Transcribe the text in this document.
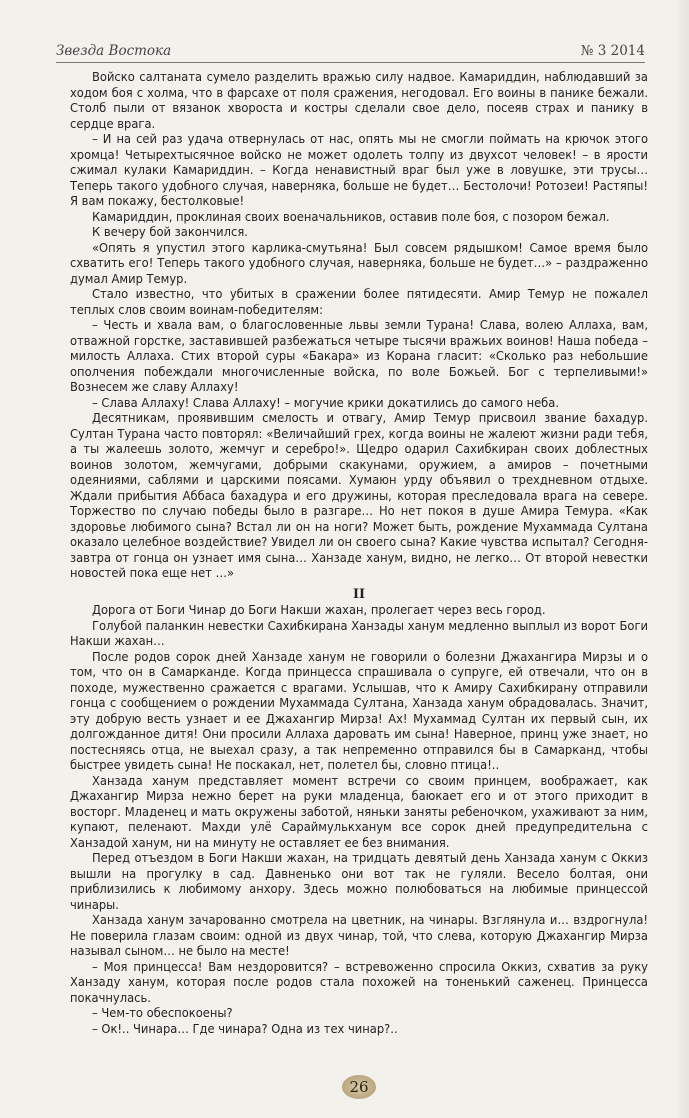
Звезда Востока	№ 3 2014

Войско салтаната сумело разделить вражью силу надвое. Камариддин, наблюдавший за ходом боя с холма, что в фарсахе от поля сражения, негодовал. Его воины в панике бежали. Столб пыли от вязанок хвороста и костры сделали свое дело, посеяв страх и панику в сердце врага.

– И на сей раз удача отвернулась от нас, опять мы не смогли поймать на крючок этого хромца! Четырехтысячное войско не может одолеть толпу из двухсот человек! – в ярости сжимал кулаки Камариддин. – Когда ненавистный враг был уже в ловушке, эти трусы… Теперь такого удобного случая, наверняка, больше не будет… Бестолочи! Ротозеи! Растяпы! Я вам покажу, бестолковые!

Камариддин, проклиная своих военачальников, оставив поле боя, с позором бежал.

К вечеру бой закончился.

«Опять я упустил этого карлика-смутьяна! Был совсем рядышком! Самое время было схватить его! Теперь такого удобного случая, наверняка, больше не будет…» – раздраженно думал Амир Темур.

Стало известно, что убитых в сражении более пятидесяти. Амир Темур не пожалел теплых слов своим воинам-победителям:

– Честь и хвала вам, о благословенные львы земли Турана! Слава, волею Аллаха, вам, отважной горстке, заставившей разбежаться четыре тысячи вражьих воинов! Наша победа – милость Аллаха. Стих второй суры «Бакара» из Корана гласит: «Сколько раз небольшие ополчения побеждали многочисленные войска, по воле Божьей. Бог с терпеливыми!» Вознесем же славу Аллаху!

– Слава Аллаху! Слава Аллаху! – могучие крики докатились до самого неба.

Десятникам, проявившим смелость и отвагу, Амир Темур присвоил звание бахадур. Султан Турана часто повторял: «Величайший грех, когда воины не жалеют жизни ради тебя, а ты жалеешь золото, жемчуг и серебро!». Щедро одарил Сахибкиран своих доблестных воинов золотом, жемчугами, добрыми скакунами, оружием, а амиров – почетными одеяниями, саблями и царскими поясами. Хумаюн урду объявил о трехдневном отдыхе. Ждали прибытия Аббаса бахадура и его дружины, которая преследовала врага на севере. Торжество по случаю победы было в разгаре… Но нет покоя в душе Амира Темура. «Как здоровье любимого сына? Встал ли он на ноги? Может быть, рождение Мухаммада Султана оказало целебное воздействие? Увидел ли он своего сына? Какие чувства испытал? Сегодня-завтра от гонца он узнает имя сына… Ханзаде ханум, видно, не легко… От второй невестки новостей пока еще нет …»

II

Дорога от Боги Чинар до Боги Накши жахан, пролегает через весь город.

Голубой паланкин невестки Сахибкирана Ханзады ханум медленно выплыл из ворот Боги Накши жахан…

После родов сорок дней Ханзаде ханум не говорили о болезни Джахангира Мирзы и о том, что он в Самарканде. Когда принцесса спрашивала о супруге, ей отвечали, что он в походе, мужественно сражается с врагами. Услышав, что к Амиру Сахибкирану отправили гонца с сообщением о рождении Мухаммада Султана, Ханзада ханум обрадовалась. Значит, эту добрую весть узнает и ее Джахангир Мирза! Ах! Мухаммад Султан их первый сын, их долгожданное дитя! Они просили Аллаха даровать им сына! Наверное, принц уже знает, но постесняясь отца, не выехал сразу, а так непременно отправился бы в Самарканд, чтобы быстрее увидеть сына! Не поскакал, нет, полетел бы, словно птица!..

Ханзада ханум представляет момент встречи со своим принцем, воображает, как Джахангир Мирза нежно берет на руки младенца, баюкает его и от этого приходит в восторг. Младенец и мать окружены заботой, няньки заняты ребеночком, ухаживают за ним, купают, пеленают. Махди улё Сараймулькханум все сорок дней предупредительна с Ханзадой ханум, ни на минуту не оставляет ее без внимания.

Перед отъездом в Боги Накши жахан, на тридцать девятый день Ханзада ханум с Оккиз вышли на прогулку в сад. Давненько они вот так не гуляли. Весело болтая, они приблизились к любимому анхору. Здесь можно полюбоваться на любимые принцессой чинары.

Ханзада ханум зачарованно смотрела на цветник, на чинары. Взглянула и… вздрогнула! Не поверила глазам своим: одной из двух чинар, той, что слева, которую Джахангир Мирза называл сыном… не было на месте!

– Моя принцесса! Вам нездоровится? – встревоженно спросила Оккиз, схватив за руку Ханзаду ханум, которая после родов стала похожей на тоненький саженец. Принцесса покачнулась.

– Чем-то обеспокоены?

– Ок!.. Чинара… Где чинара? Одна из тех чинар?..

26
